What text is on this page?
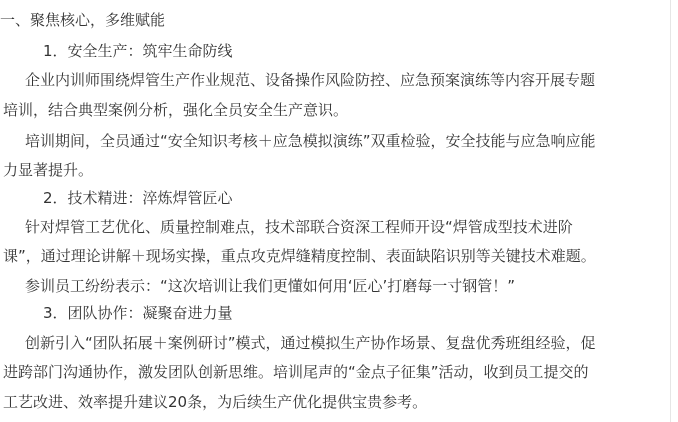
一、聚焦核心，多维赋能
1．安全生产：筑牢生命防线
企业内训师围绕焊管生产作业规范、设备操作风险防控、应急预案演练等内容开展专题
培训，结合典型案例分析，强化全员安全生产意识。
培训期间，全员通过“安全知识考核＋应急模拟演练”双重检验，安全技能与应急响应能
力显著提升。
2．技术精进：淬炼焊管匠心
针对焊管工艺优化、质量控制难点，技术部联合资深工程师开设“焊管成型技术进阶
课”，通过理论讲解＋现场实操，重点攻克焊缝精度控制、表面缺陷识别等关键技术难题。
参训员工纷纷表示：“这次培训让我们更懂如何用‘匠心’打磨每一寸钢管！”
3．团队协作：凝聚奋进力量
创新引入“团队拓展＋案例研讨”模式，通过模拟生产协作场景、复盘优秀班组经验，促
进跨部门沟通协作，激发团队创新思维。培训尾声的“金点子征集”活动，收到员工提交的
工艺改进、效率提升建议20条，为后续生产优化提供宝贵参考。
